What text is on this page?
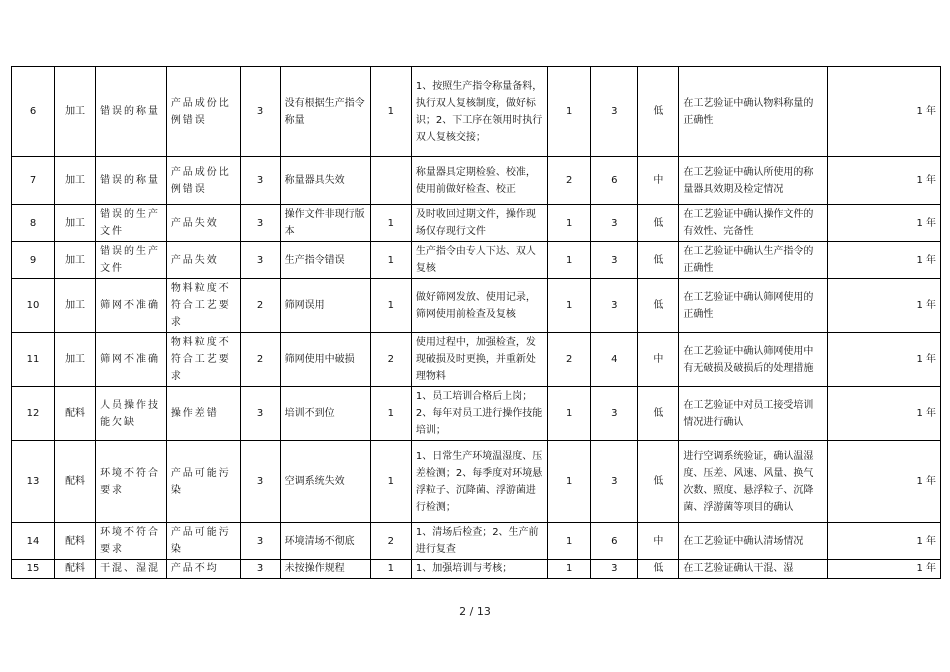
6	加工	错误的称量	产品成份比例错误	3	没有根据生产指令称量	1	1、按照生产指令称量备料，执行双人复核制度，做好标识；2、下工序在领用时执行双人复核交接；	1	3	低	在工艺验证中确认物料称量的正确性	1 年
7	加工	错误的称量	产品成份比例错误	3	称量器具失效		称量器具定期检验、校准，使用前做好检查、校正	2	6	中	在工艺验证中确认所使用的称量器具效期及检定情况	1 年
8	加工	错误的生产文件	产品失效	3	操作文件非现行版本	1	及时收回过期文件，操作现场仅存现行文件	1	3	低	在工艺验证中确认操作文件的有效性、完备性	1 年
9	加工	错误的生产文件	产品失效	3	生产指令错误	1	生产指令由专人下达、双人复核	1	3	低	在工艺验证中确认生产指令的正确性	1 年
10	加工	筛网不准确	物料粒度不符合工艺要求	2	筛网误用	1	做好筛网发放、使用记录，筛网使用前检查及复核	1	3	低	在工艺验证中确认筛网使用的正确性	1 年
11	加工	筛网不准确	物料粒度不符合工艺要求	2	筛网使用中破损	2	使用过程中，加强检查，发现破损及时更换，并重新处理物料	2	4	中	在工艺验证中确认筛网使用中有无破损及破损后的处理措施	1 年
12	配料	人员操作技能欠缺	操作差错	3	培训不到位	1	1、员工培训合格后上岗；2、每年对员工进行操作技能培训；	1	3	低	在工艺验证中对员工接受培训情况进行确认	1 年
13	配料	环境不符合要求	产品可能污染	3	空调系统失效	1	1、日常生产环境温湿度、压差检测；2、每季度对环境悬浮粒子、沉降菌、浮游菌进行检测；	1	3	低	进行空调系统验证，确认温湿度、压差、风速、风量、换气次数、照度、悬浮粒子、沉降菌、浮游菌等项目的确认	1 年
14	配料	环境不符合要求	产品可能污染	3	环境清场不彻底	2	1、清场后检查；2、生产前进行复查	1	6	中	在工艺验证中确认清场情况	1 年
15	配料	干混、湿混	产品不均	3	未按操作规程	1	1、加强培训与考核；	1	3	低	在工艺验证确认干混、湿	1 年
2 / 13
